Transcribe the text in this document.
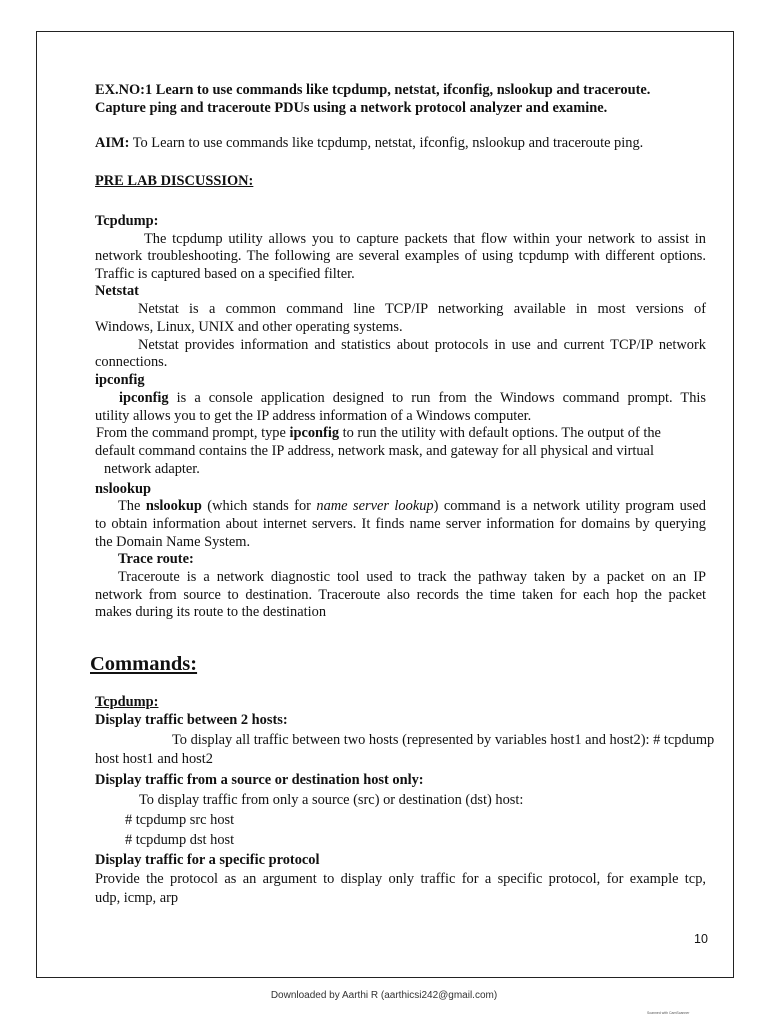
EX.NO:1 Learn to use commands like tcpdump, netstat, ifconfig, nslookup and traceroute.
Capture ping and traceroute PDUs using a network protocol analyzer and examine.
AIM: To Learn to use commands like tcpdump, netstat, ifconfig, nslookup and traceroute ping.
PRE LAB DISCUSSION:
Tcpdump:
The tcpdump utility allows you to capture packets that flow within your network to assist in
network troubleshooting. The following are several examples of using tcpdump with different options.
Traffic is captured based on a specified filter.
Netstat
Netstat is a common command line TCP/IP networking available in most versions of
Windows, Linux, UNIX and other operating systems.
Netstat provides information and statistics about protocols in use and current TCP/IP network
connections.
ipconfig
ipconfig is a console application designed to run from the Windows command prompt. This
utility allows you to get the IP address information of a Windows computer.
From the command prompt, type ipconfig to run the utility with default options. The output of the
default command contains the IP address, network mask, and gateway for all physical and virtual
network adapter.
nslookup
The nslookup (which stands for name server lookup) command is a network utility program used
to obtain information about internet servers. It finds name server information for domains by querying
the Domain Name System.
Trace route:
Traceroute is a network diagnostic tool used to track the pathway taken by a packet on an IP
network from source to destination. Traceroute also records the time taken for each hop the packet
makes during its route to the destination
Commands:
Tcpdump:
Display traffic between 2 hosts:
To display all traffic between two hosts (represented by variables host1 and host2): # tcpdump
host host1 and host2
Display traffic from a source or destination host only:
To display traffic from only a source (src) or destination (dst) host:
# tcpdump src host
# tcpdump dst host
Display traffic for a specific protocol
Provide the protocol as an argument to display only traffic for a specific protocol, for example tcp,
udp, icmp, arp
10
Downloaded by Aarthi R (aarthicsi242@gmail.com)
Scanned with CamScanner
